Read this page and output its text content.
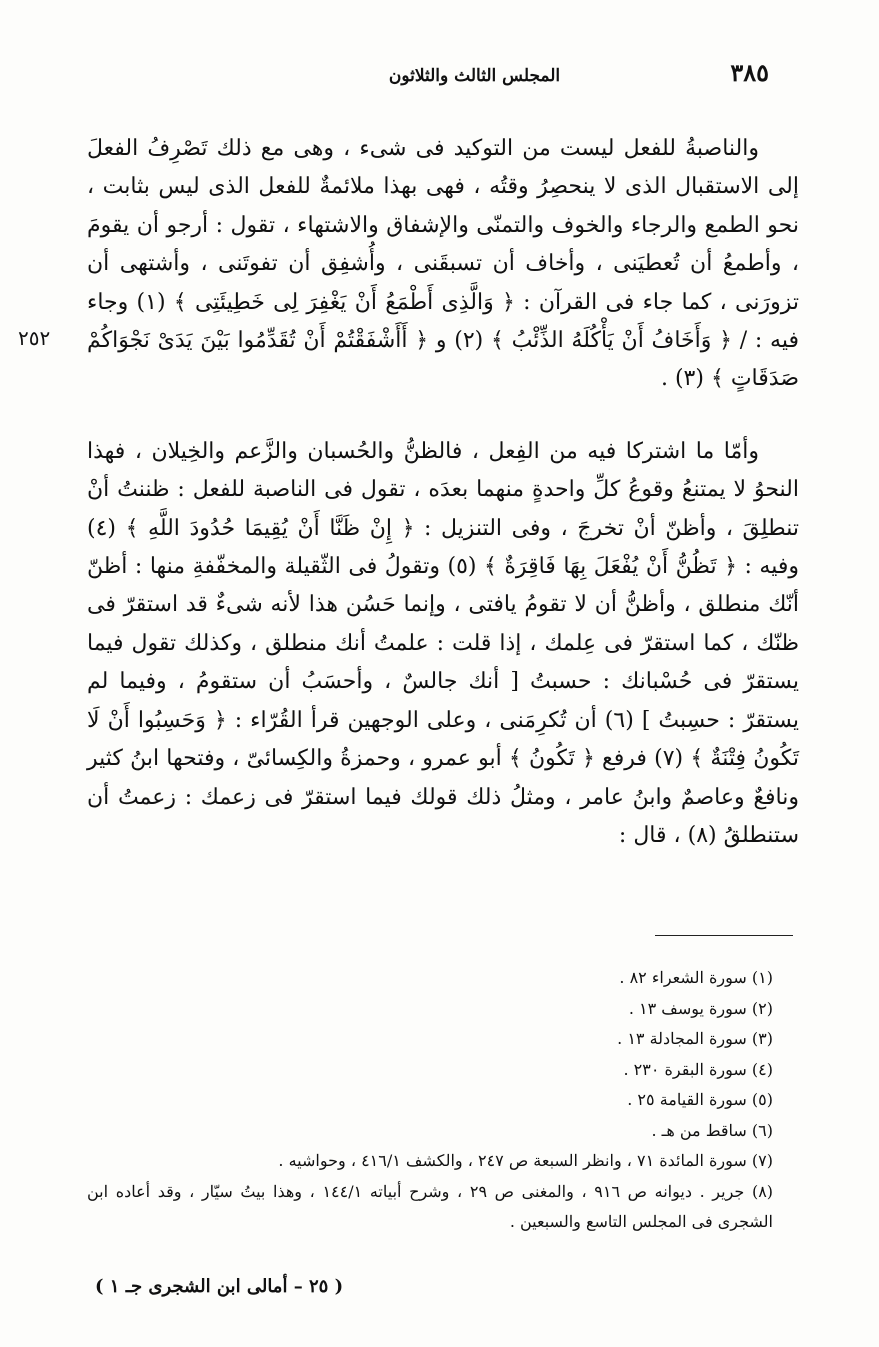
٣٨٥
المجلس الثالث والثلاثون
٢٥٢

والناصبةُ للفعل ليست من التوكيد فى شىء ، وهى مع ذلك تَصْرِفُ الفعلَ إلى الاستقبال الذى لا ينحصِرُ وقتُه ، فهى بهذا ملائمةٌ للفعل الذى ليس بثابت ، نحو الطمع والرجاء والخوف والتمنّى والإشفاق والاشتهاء ، تقول : أرجو أن يقومَ ، وأطمعُ أن تُعطيَنى ، وأخاف أن تسبقَنى ، وأُشفِق أن تفوتَنى ، وأشتهى أن تزورَنى ، كما جاء فى القرآن : ﴿ وَالَّذِى أَطْمَعُ أَنْ يَغْفِرَ لِى خَطِيئَتِى ﴾ (١) وجاء فيه : / ﴿ وَأَخَافُ أَنْ يَأْكُلَهُ الذِّئْبُ ﴾ (٢) و ﴿ أَأَشْفَقْتُمْ أَنْ تُقَدِّمُوا بَيْنَ يَدَىْ نَجْوَاكُمْ صَدَقَاتٍ ﴾ (٣) .

وأمّا ما اشتركا فيه من الفِعل ، فالظنُّ والحُسبان والزَّعم والخِيلان ، فهذا النحوُ لا يمتنعُ وقوعُ كلِّ واحدةٍ منهما بعدَه ، تقول فى الناصبة للفعل : ظننتُ أنْ تنطلِقَ ، وأظنّ أنْ تخرجَ ، وفى التنزيل : ﴿ إِنْ ظَنَّا أَنْ يُقِيمَا حُدُودَ اللَّهِ ﴾ (٤) وفيه : ﴿ تَظُنُّ أَنْ يُفْعَلَ بِهَا فَاقِرَةٌ ﴾ (٥) وتقولُ فى الثّقيلة والمخفّفةِ منها : أظنّ أنّك منطلق ، وأظنُّ أن لا تقومُ يافتى ، وإنما حَسُن هذا لأنه شىءٌ قد استقرّ فى ظنّك ، كما استقرّ فى عِلمك ، إذا قلت : علمتُ أنك منطلق ، وكذلك تقول فيما يستقرّ فى حُسْبانك : حسبتُ [ أنك جالسٌ ، وأحسَبُ أن ستقومُ ، وفيما لم يستقرّ : حسِبتُ ] (٦) أن تُكرِمَنى ، وعلى الوجهين قرأ القُرّاء : ﴿ وَحَسِبُوا أَنْ لَا تَكُونُ فِتْنَةٌ ﴾ (٧) فرفع ﴿ تَكُونُ ﴾ أبو عمرو ، وحمزةُ والكِسائىّ ، وفتحها ابنُ كثير ونافعٌ وعاصمٌ وابنُ عامر ، ومثلُ ذلك قولك فيما استقرّ فى زعمك : زعمتُ أن ستنطلقُ (٨) ، قال :

(١) سورة الشعراء ٨٢ .
(٢) سورة يوسف ١٣ .
(٣) سورة المجادلة ١٣ .
(٤) سورة البقرة ٢٣٠ .
(٥) سورة القيامة ٢٥ .
(٦) ساقط من هـ .
(٧) سورة المائدة ٧١ ، وانظر السبعة ص ٢٤٧ ، والكشف ٤١٦/١ ، وحواشيه .
(٨) جرير . ديوانه ص ٩١٦ ، والمغنى ص ٢٩ ، وشرح أبياته ١٤٤/١ ، وهذا بيتُ سيّار ، وقد أعاده ابن الشجرى فى المجلس التاسع والسبعين .
( ٢٥ – أمالى ابن الشجرى جـ ١ )
